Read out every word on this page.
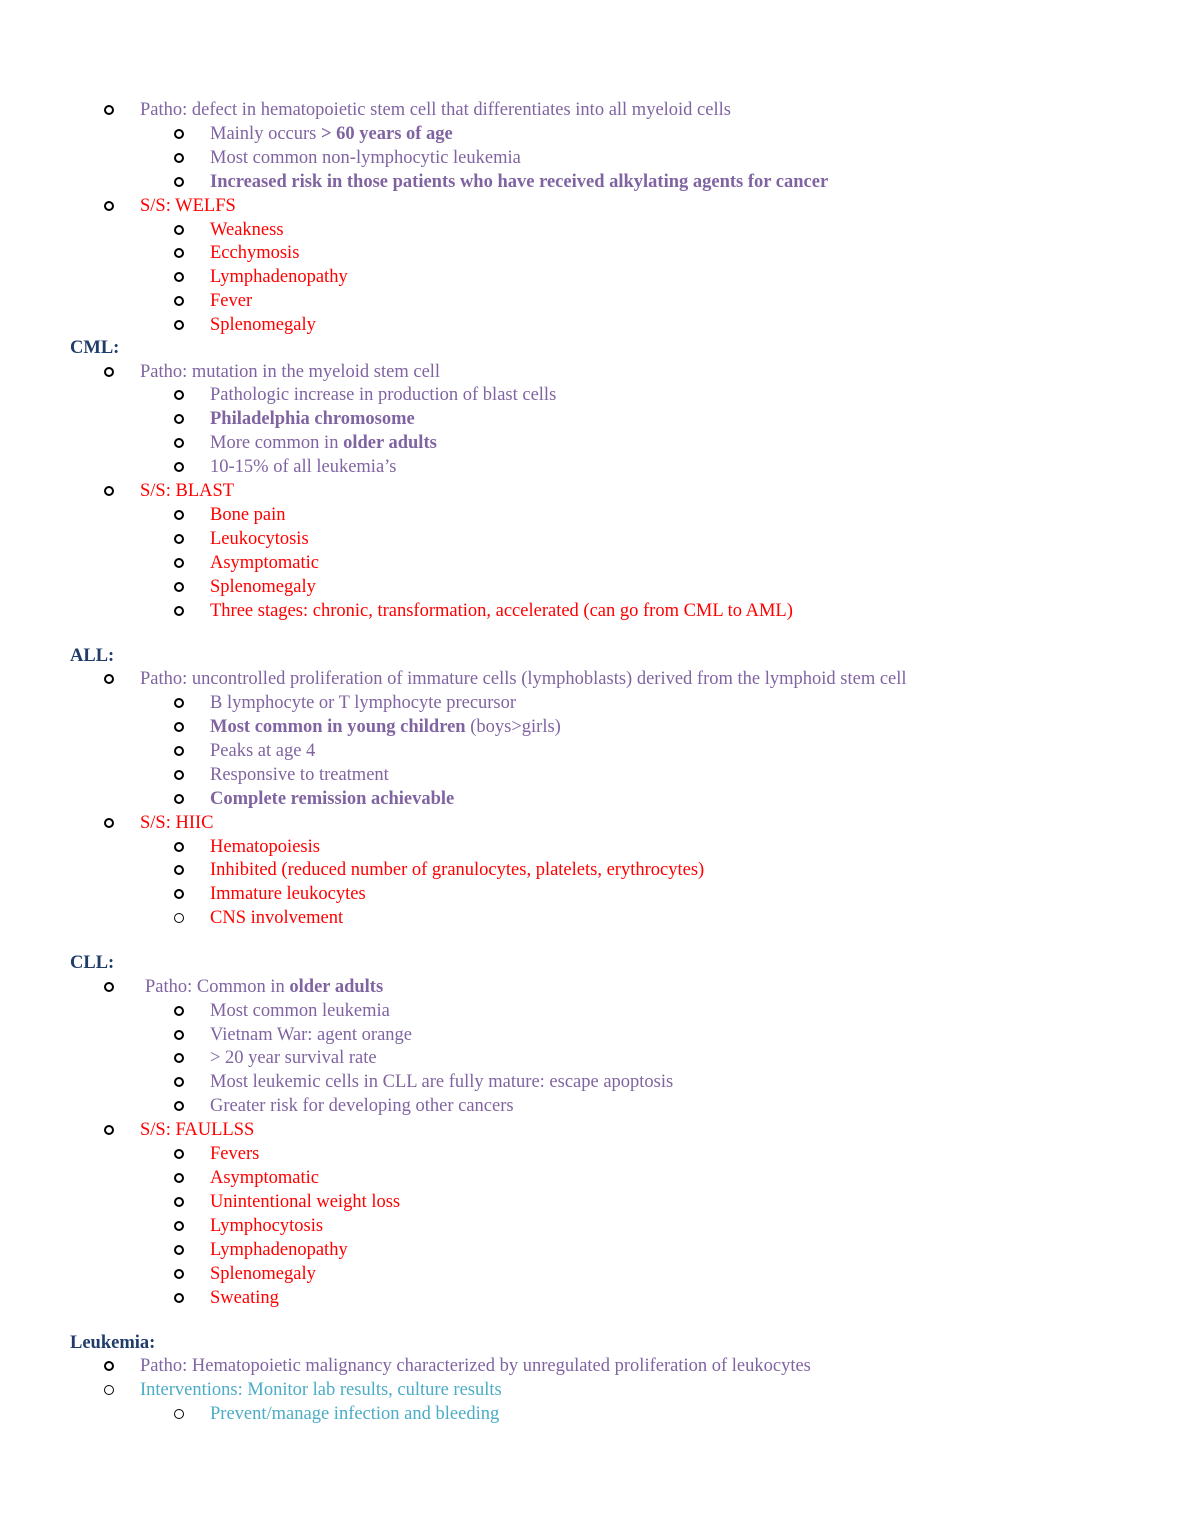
Patho: defect in hematopoietic stem cell that differentiates into all myeloid cells
Mainly occurs > 60 years of age
Most common non-lymphocytic leukemia
Increased risk in those patients who have received alkylating agents for cancer
S/S: WELFS
Weakness
Ecchymosis
Lymphadenopathy
Fever
Splenomegaly
CML:
Patho: mutation in the myeloid stem cell
Pathologic increase in production of blast cells
Philadelphia chromosome
More common in older adults
10-15% of all leukemia’s
S/S: BLAST
Bone pain
Leukocytosis
Asymptomatic
Splenomegaly
Three stages: chronic, transformation, accelerated (can go from CML to AML)
ALL:
Patho: uncontrolled proliferation of immature cells (lymphoblasts) derived from the lymphoid stem cell
B lymphocyte or T lymphocyte precursor
Most common in young children (boys>girls)
Peaks at age 4
Responsive to treatment
Complete remission achievable
S/S: HIIC
Hematopoiesis
Inhibited (reduced number of granulocytes, platelets, erythrocytes)
Immature leukocytes
CNS involvement
CLL:
Patho: Common in older adults
Most common leukemia
Vietnam War: agent orange
> 20 year survival rate
Most leukemic cells in CLL are fully mature: escape apoptosis
Greater risk for developing other cancers
S/S: FAULLSS
Fevers
Asymptomatic
Unintentional weight loss
Lymphocytosis
Lymphadenopathy
Splenomegaly
Sweating
Leukemia:
Patho: Hematopoietic malignancy characterized by unregulated proliferation of leukocytes
Interventions: Monitor lab results, culture results
Prevent/manage infection and bleeding
